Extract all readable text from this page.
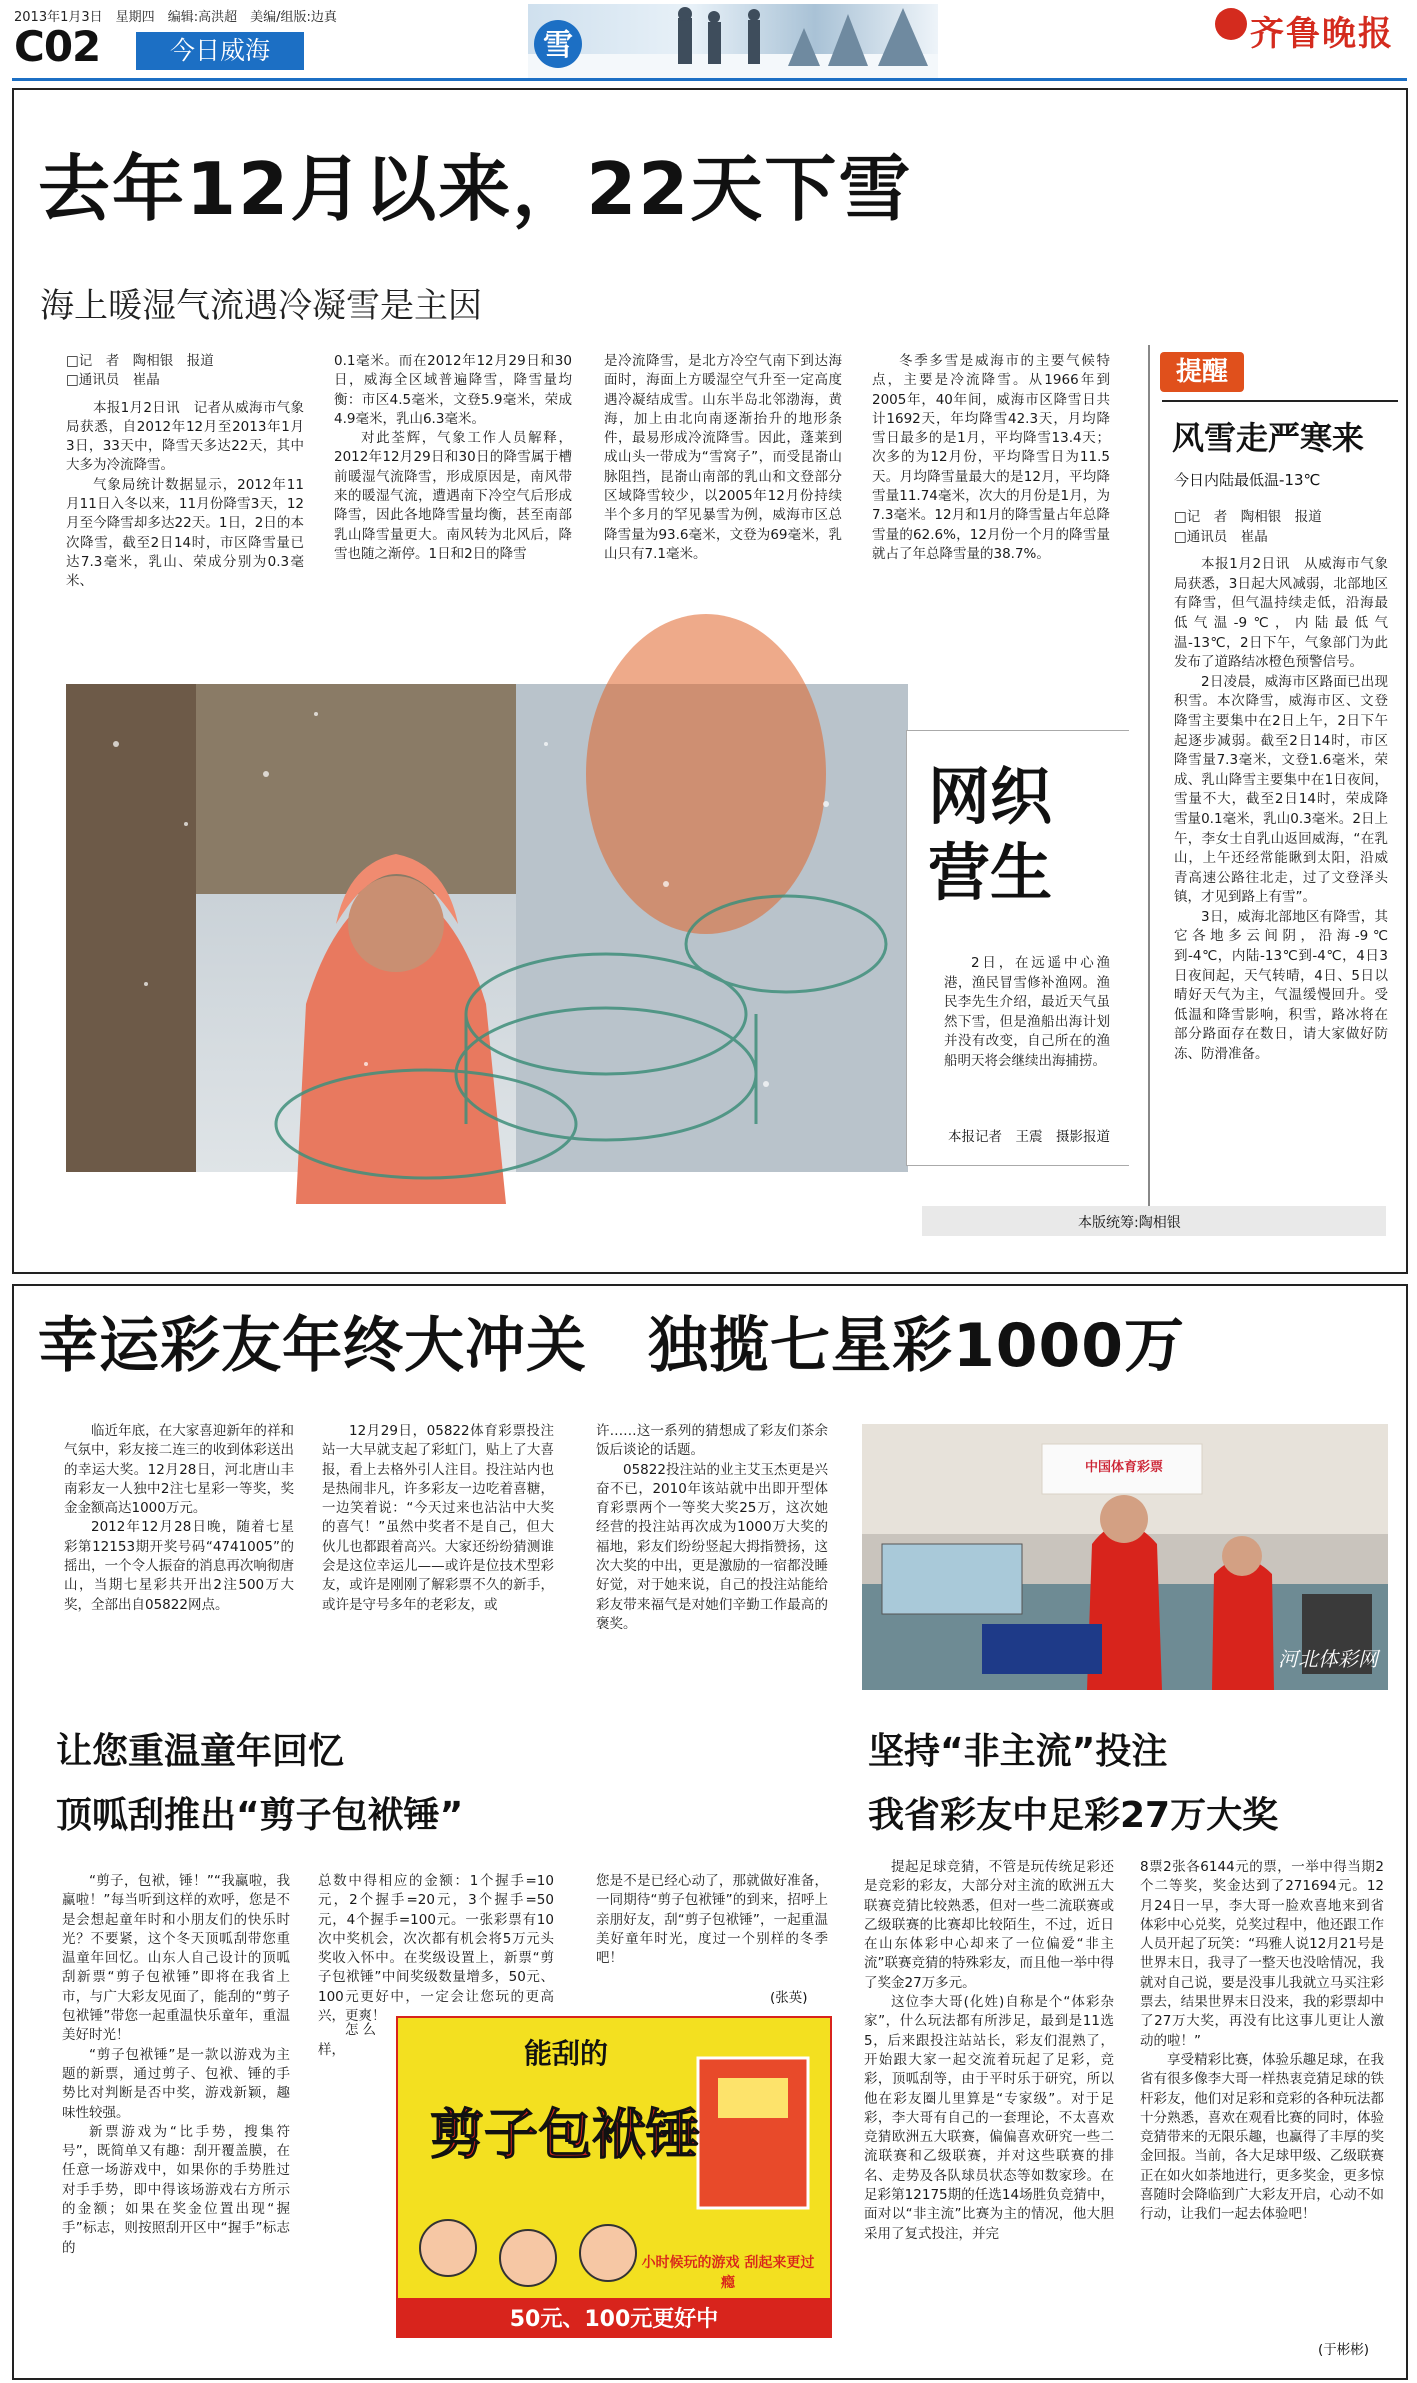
2013年1月3日　 星期四　 编辑:高洪超　 美编/组版:边真
C02	今日威海	雪	齐鲁晚报
去年12月以来，22天下雪
海上暖湿气流遇冷凝雪是主因

□记　者　陶相银　报道

□通讯员　崔晶

本报1月2日讯　记者从威海市气象局获悉，自2012年12月至2013年1月3日，33天中，降雪天多达22天，其中大多为冷流降雪。

气象局统计数据显示，2012年11月11日入冬以来，11月份降雪3天，12月至今降雪却多达22天。1日，2日的本次降雪，截至2日14时，市区降雪量已达7.3毫米，乳山、荣成分别为0.3毫米、

0.1毫米。而在2012年12月29日和30日，威海全区域普遍降雪，降雪量均衡：市区4.5毫米，文登5.9毫米，荣成4.9毫米，乳山6.3毫米。

对此荃辉，气象工作人员解释，2012年12月29日和30日的降雪属于槽前暖湿气流降雪，形成原因是，南风带来的暖湿气流，遭遇南下冷空气后形成降雪，因此各地降雪量均衡，甚至南部乳山降雪量更大。南风转为北风后，降雪也随之渐停。1日和2日的降雪

是冷流降雪，是北方冷空气南下到达海面时，海面上方暖湿空气升至一定高度遇冷凝结成雪。山东半岛北邻渤海，黄海，加上由北向南逐渐抬升的地形条件，最易形成冷流降雪。因此，蓬莱到成山头一带成为“雪窝子”，而受昆嵛山脉阻挡，昆嵛山南部的乳山和文登部分区域降雪较少，以2005年12月份持续半个多月的罕见暴雪为例，威海市区总降雪量为93.6毫米，文登为69毫米，乳山只有7.1毫米。

冬季多雪是威海市的主要气候特点，主要是冷流降雪。从1966年到2005年，40年间，威海市区降雪日共计1692天，年均降雪42.3天，月均降雪日最多的是1月，平均降雪13.4天；次多的为12月份，平均降雪日为11.5天。月均降雪量最大的是12月，平均降雪量11.74毫米，次大的月份是1月，为7.3毫米。12月和1月的降雪量占年总降雪量的62.6%，12月份一个月的降雪量就占了年总降雪量的38.7%。

提醒
风雪走严寒来
今日内陆最低温-13℃

□记　者　陶相银　报道

□通讯员　崔晶

本报1月2日讯　从威海市气象局获悉，3日起大风减弱，北部地区有降雪，但气温持续走低，沿海最低气温-9℃，内陆最低气温-13℃，2日下午，气象部门为此发布了道路结冰橙色预警信号。

2日凌晨，威海市区路面已出现积雪。本次降雪，威海市区、文登降雪主要集中在2日上午，2日下午起逐步减弱。截至2日14时，市区降雪量7.3毫米，文登1.6毫米，荣成、乳山降雪主要集中在1日夜间，雪量不大，截至2日14时，荣成降雪量0.1毫米，乳山0.3毫米。2日上午，李女士自乳山返回威海，“在乳山，上午还经常能瞅到太阳，沿威青高速公路往北走，过了文登泽头镇，才见到路上有雪”。

3日，威海北部地区有降雪，其它各地多云间阴，沿海-9℃到-4℃，内陆-13℃到-4℃，4日3日夜间起，天气转晴，4日、5日以晴好天气为主，气温缓慢回升。受低温和降雪影响，积雪，路冰将在部分路面存在数日，请大家做好防冻、防滑准备。

网织
营生

2日，在远遥中心渔港，渔民冒雪修补渔网。渔民李先生介绍，最近天气虽然下雪，但是渔船出海计划并没有改变，自己所在的渔船明天将会继续出海捕捞。

本报记者　王震　摄影报道
本版统筹:陶相银
幸运彩友年终大冲关　独揽七星彩1000万

临近年底，在大家喜迎新年的祥和气氛中，彩友接二连三的收到体彩送出的幸运大奖。12月28日，河北唐山丰南彩友一人独中2注七星彩一等奖，奖金金额高达1000万元。

2012年12月28日晚，随着七星彩第12153期开奖号码“4741005”的摇出，一个令人振奋的消息再次响彻唐山，当期七星彩共开出2注500万大奖，全部出自05822网点。

12月29日，05822体育彩票投注站一大早就支起了彩虹门，贴上了大喜报，看上去格外引人注目。投注站内也是热闹非凡，许多彩友一边吃着喜糖，一边笑着说：“今天过来也沾沾中大奖的喜气！”虽然中奖者不是自己，但大伙儿也都跟着高兴。大家还纷纷猜测谁会是这位幸运儿——或许是位技术型彩友，或许是刚刚了解彩票不久的新手，或许是守号多年的老彩友，或

许……这一系列的猜想成了彩友们茶余饭后谈论的话题。

05822投注站的业主艾玉杰更是兴奋不已，2010年该站就中出即开型体育彩票两个一等奖大奖25万，这次她经营的投注站再次成为1000万大奖的福地，彩友们纷纷竖起大拇指赞扬，这次大奖的中出，更是激励的一宿都没睡好觉，对于她来说，自己的投注站能给彩友带来福气是对她们辛勤工作最高的褒奖。

中国体育彩票
河北体彩网
让您重温童年回忆
顶呱刮推出“剪子包袱锤”

“剪子，包袱，锤！”“我赢啦，我赢啦！”每当听到这样的欢呼，您是不是会想起童年时和小朋友们的快乐时光？不要紧，这个冬天顶呱刮带您重温童年回忆。山东人自己设计的顶呱刮新票“剪子包袱锤”即将在我省上市，与广大彩友见面了，能刮的“剪子包袱锤”带您一起重温快乐童年，重温美好时光！

“剪子包袱锤”是一款以游戏为主题的新票，通过剪子、包袱、锤的手势比对判断是否中奖，游戏新颖，趣味性较强。

新票游戏为“比手势，搜集符号”，既简单又有趣：刮开覆盖膜，在任意一场游戏中，如果你的手势胜过对手手势，即中得该场游戏右方所示的金额；如果在奖金位置出现“握手”标志，则按照刮开区中“握手”标志的

总数中得相应的金额：1个握手=10元，2个握手=20元，3个握手=50元，4个握手=100元。一张彩票有10次中奖机会，次次都有机会将5万元头奖收入怀中。在奖级设置上，新票“剪子包袱锤”中间奖级数量增多，50元、100元更好中，一定会让您玩的更高兴，更爽！

怎么样，

您是不是已经心动了，那就做好准备，一同期待“剪子包袱锤”的到来，招呼上亲朋好友，刮“剪子包袱锤”，一起重温美好童年时光，度过一个别样的冬季吧！

(张英)
能刮的
剪子包袱锤
小时候玩的游戏 刮起来更过瘾
50元、100元更好中
坚持“非主流”投注
我省彩友中足彩27万大奖

提起足球竞猜，不管是玩传统足彩还是竞彩的彩友，大部分对主流的欧洲五大联赛竞猜比较熟悉，但对一些二流联赛或乙级联赛的比赛却比较陌生，不过，近日在山东体彩中心却来了一位偏爱“非主流”联赛竞猜的特殊彩友，而且他一举中得了奖金27万多元。

这位李大哥(化姓)自称是个“体彩杂家”，什么玩法都有所涉足，最到是11选5，后来跟投注站站长，彩友们混熟了，开始跟大家一起交流着玩起了足彩，竞彩，顶呱刮等，由于平时乐于研究，所以他在彩友圈儿里算是“专家级”。对于足彩，李大哥有自己的一套理论，不太喜欢竞猜欧洲五大联赛，偏偏喜欢研究一些二流联赛和乙级联赛，并对这些联赛的排名、走势及各队球员状态等如数家珍。在足彩第12175期的任选14场胜负竞猜中，面对以“非主流”比赛为主的情况，他大胆采用了复式投注，并完

8票2张各6144元的票，一举中得当期2个二等奖，奖金达到了271694元。12月24日一早，李大哥一脸欢喜地来到省体彩中心兑奖，兑奖过程中，他还跟工作人员开起了玩笑：“玛雅人说12月21号是世界末日，我寻了一整天也没啥情况，我就对自己说，要是没事儿我就立马买注彩票去，结果世界末日没来，我的彩票却中了27万大奖，再没有比这事儿更让人激动的啦！”

享受精彩比赛，体验乐趣足球，在我省有很多像李大哥一样热衷竞猜足球的铁杆彩友，他们对足彩和竞彩的各种玩法都十分熟悉，喜欢在观看比赛的同时，体验竞猜带来的无限乐趣，也赢得了丰厚的奖金回报。当前，各大足球甲级、乙级联赛正在如火如荼地进行，更多奖金，更多惊喜随时会降临到广大彩友开启，心动不如行动，让我们一起去体验吧！

(于彬彬)
